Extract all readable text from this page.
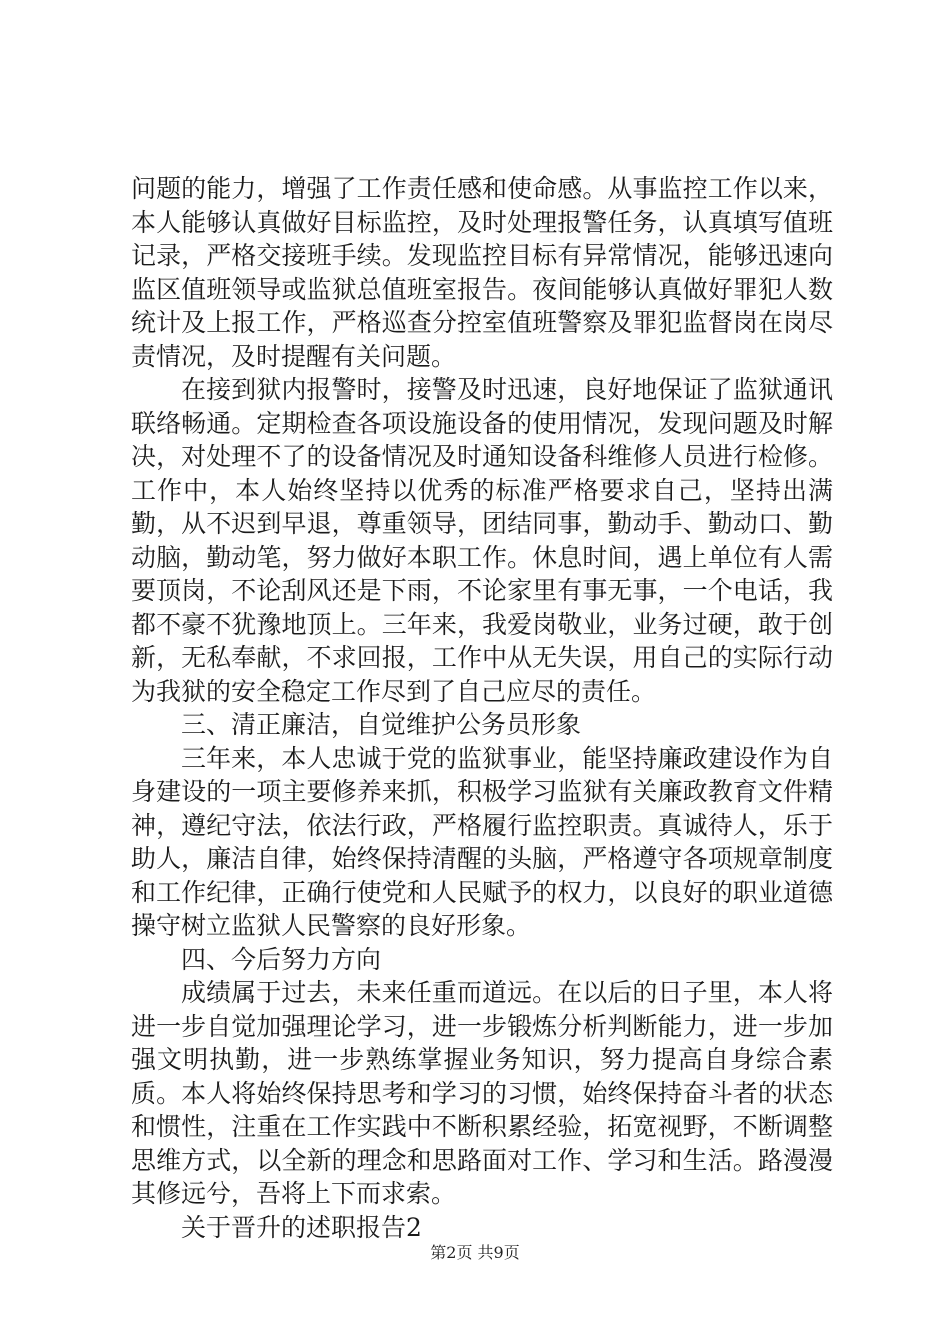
问题的能力，增强了工作责任感和使命感。从事监控工作以来，本人能够认真做好目标监控，及时处理报警任务，认真填写值班记录，严格交接班手续。发现监控目标有异常情况，能够迅速向监区值班领导或监狱总值班室报告。夜间能够认真做好罪犯人数统计及上报工作，严格巡查分控室值班警察及罪犯监督岗在岗尽责情况，及时提醒有关问题。

在接到狱内报警时，接警及时迅速，良好地保证了监狱通讯联络畅通。定期检查各项设施设备的使用情况，发现问题及时解决，对处理不了的设备情况及时通知设备科维修人员进行检修。工作中，本人始终坚持以优秀的标准严格要求自己，坚持出满勤，从不迟到早退，尊重领导，团结同事，勤动手、勤动口、勤动脑，勤动笔，努力做好本职工作。休息时间，遇上单位有人需要顶岗，不论刮风还是下雨，不论家里有事无事，一个电话，我都不豪不犹豫地顶上。三年来，我爱岗敬业，业务过硬，敢于创新，无私奉献，不求回报，工作中从无失误，用自己的实际行动为我狱的安全稳定工作尽到了自己应尽的责任。

三、清正廉洁，自觉维护公务员形象

三年来，本人忠诚于党的监狱事业，能坚持廉政建设作为自身建设的一项主要修养来抓，积极学习监狱有关廉政教育文件精神，遵纪守法，依法行政，严格履行监控职责。真诚待人，乐于助人，廉洁自律，始终保持清醒的头脑，严格遵守各项规章制度和工作纪律，正确行使党和人民赋予的权力，以良好的职业道德操守树立监狱人民警察的良好形象。

四、今后努力方向

成绩属于过去，未来任重而道远。在以后的日子里，本人将进一步自觉加强理论学习，进一步锻炼分析判断能力，进一步加强文明执勤，进一步熟练掌握业务知识，努力提高自身综合素质。本人将始终保持思考和学习的习惯，始终保持奋斗者的状态和惯性，注重在工作实践中不断积累经验，拓宽视野，不断调整思维方式，以全新的理念和思路面对工作、学习和生活。路漫漫其修远兮，吾将上下而求索。

关于晋升的述职报告2

第2页 共9页
